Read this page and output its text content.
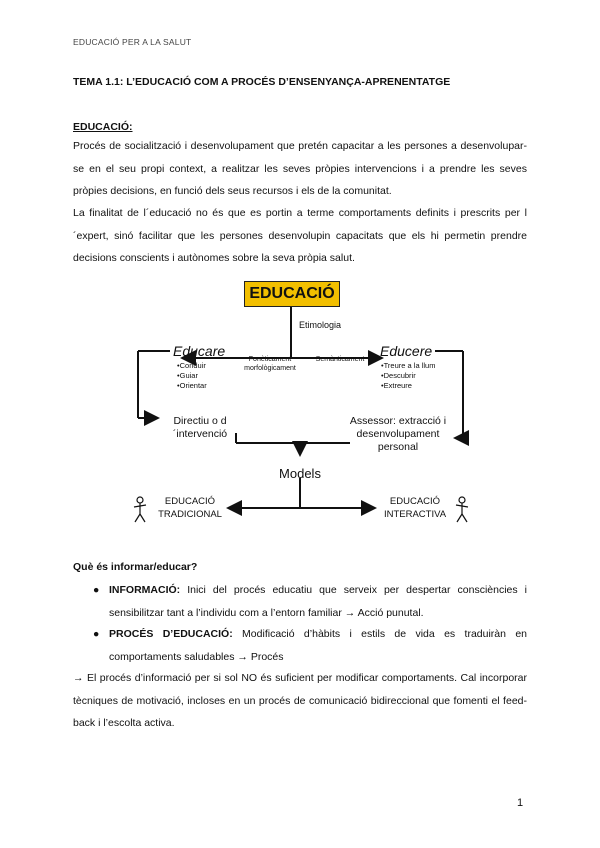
EDUCACIÓ PER A LA SALUT
TEMA 1.1: L’EDUCACIÓ COM A PROCÉS D’ENSENYANÇA-APRENENTATGE
EDUCACIÓ:
Procés de socialització i desenvolupament que pretén capacitar a les persones a desenvolupar-se en el seu propi context, a realitzar les seves pròpies intervencions i a prendre les seves pròpies decisions, en funció dels seus recursos i els de la comunitat.
La finalitat de l´educació no és que es portin a terme comportaments definits i prescrits per l´expert, sinó facilitar que les persones desenvolupin capacitats que els hi permetin prendre decisions conscients i autònomes sobre la seva pròpia salut.
EDUCACIÓ
Etimologia
Educare	Educere
•Conduir
•Guiar
•Orientar
•Treure a la llum
•Descubrir
•Extreure
Fonèticament morfològicament
Semànticament
Directiu o d´intervenció
Assessor: extracció i desenvolupament personal
Models
EDUCACIÓ TRADICIONAL
EDUCACIÓ INTERACTIVA
Què és informar/educar?
● INFORMACIÓ: Inici del procés educatiu que serveix per despertar consciències i sensibilitzar tant a l’individu com a l’entorn familiar → Acció punutal.
● PROCÉS D’EDUCACIÓ: Modificació d’hàbits i estils de vida es traduiràn en comportaments saludables → Procés
→ El procés d’informació per si sol NO és suficient per modificar comportaments. Cal incorporar tècniques de motivació, incloses en un procés de comunicació bidireccional que fomenti el feed-back i l’escolta activa.
1
